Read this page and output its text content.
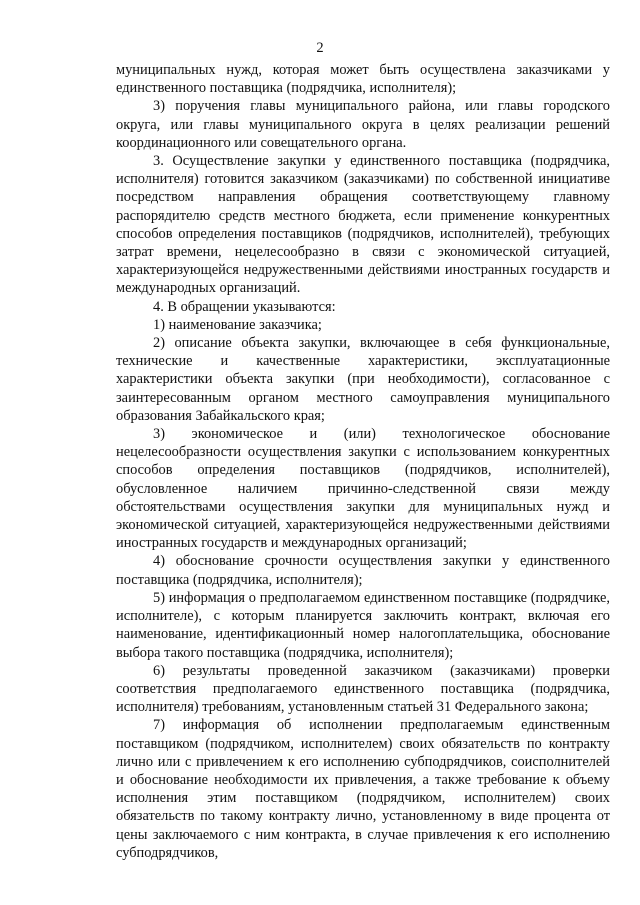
2

муниципальных нужд, которая может быть осуществлена заказчиками у единственного поставщика (подрядчика, исполнителя);

3) поручения главы муниципального района, или главы городского округа, или главы муниципального округа в целях реализации решений координационного или совещательного органа.

3. Осуществление закупки у единственного поставщика (подрядчика, исполнителя) готовится заказчиком (заказчиками) по собственной инициативе посредством направления обращения соответствующему главному распорядителю средств местного бюджета, если применение конкурентных способов определения поставщиков (подрядчиков, исполнителей), требующих затрат времени, нецелесообразно в связи с экономической ситуацией, характеризующейся недружественными действиями иностранных государств и международных организаций.

4. В обращении указываются:

1) наименование заказчика;

2) описание объекта закупки, включающее в себя функциональные, технические и качественные характеристики, эксплуатационные характеристики объекта закупки (при необходимости), согласованное с заинтересованным органом местного самоуправления муниципального образования Забайкальского края;

3) экономическое и (или) технологическое обоснование нецелесообразности осуществления закупки с использованием конкурентных способов определения поставщиков (подрядчиков, исполнителей), обусловленное наличием причинно-следственной связи между обстоятельствами осуществления закупки для муниципальных нужд и экономической ситуацией, характеризующейся недружественными действиями иностранных государств и международных организаций;

4) обоснование срочности осуществления закупки у единственного поставщика (подрядчика, исполнителя);

5) информация о предполагаемом единственном поставщике (подрядчике, исполнителе), с которым планируется заключить контракт, включая его наименование, идентификационный номер налогоплательщика, обоснование выбора такого поставщика (подрядчика, исполнителя);

6) результаты проведенной заказчиком (заказчиками) проверки соответствия предполагаемого единственного поставщика (подрядчика, исполнителя) требованиям, установленным статьей 31 Федерального закона;

7) информация об исполнении предполагаемым единственным поставщиком (подрядчиком, исполнителем) своих обязательств по контракту лично или с привлечением к его исполнению субподрядчиков, соисполнителей и обоснование необходимости их привлечения, а также требование к объему исполнения этим поставщиком (подрядчиком, исполнителем) своих обязательств по такому контракту лично, установленному в виде процента от цены заключаемого с ним контракта, в случае привлечения к его исполнению субподрядчиков,
